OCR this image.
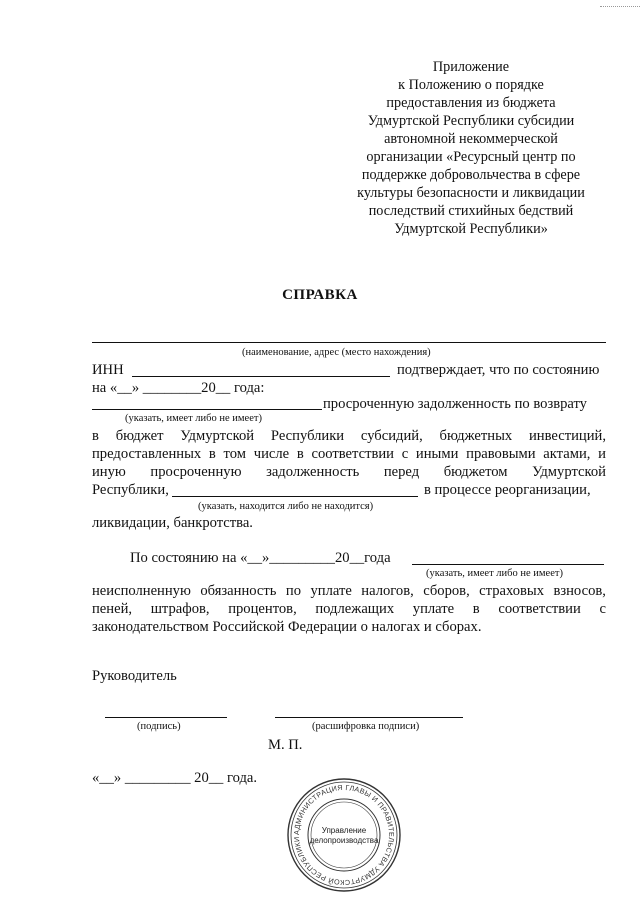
Приложение
к Положению о порядке
предоставления из бюджета
Удмуртской Республики субсидии
автономной некоммерческой
организации «Ресурсный центр по
поддержке добровольчества в сфере
культуры безопасности и ликвидации
последствий стихийных бедствий
Удмуртской Республики»
СПРАВКА
(наименование, адрес (место нахождения)
ИНН	подтверждает, что по состоянию
на «__» ________20__ года:
просроченную задолженность по возврату
(указать, имеет либо не имеет)
в бюджет Удмуртской Республики субсидий, бюджетных инвестиций,
предоставленных в том числе в соответствии с иными правовыми актами, и
иную просроченную задолженность перед бюджетом Удмуртской
Республики,	в процессе реорганизации,
(указать, находится либо не находится)
ликвидации, банкротства.
По состоянию на «__»_________20__года
(указать, имеет либо не имеет)
неисполненную обязанность по уплате налогов, сборов, страховых взносов,
пеней, штрафов, процентов, подлежащих уплате в соответствии с
законодательством Российской Федерации о налогах и сборах.
Руководитель
(подпись)	(расшифровка подписи)
М. П.
«__» _________ 20__ года.
АДМИНИСТРАЦИЯ ГЛАВЫ И ПРАВИТЕЛЬСТВА УДМУРТСКОЙ РЕСПУБЛИКИ
Управление
делопроизводства
